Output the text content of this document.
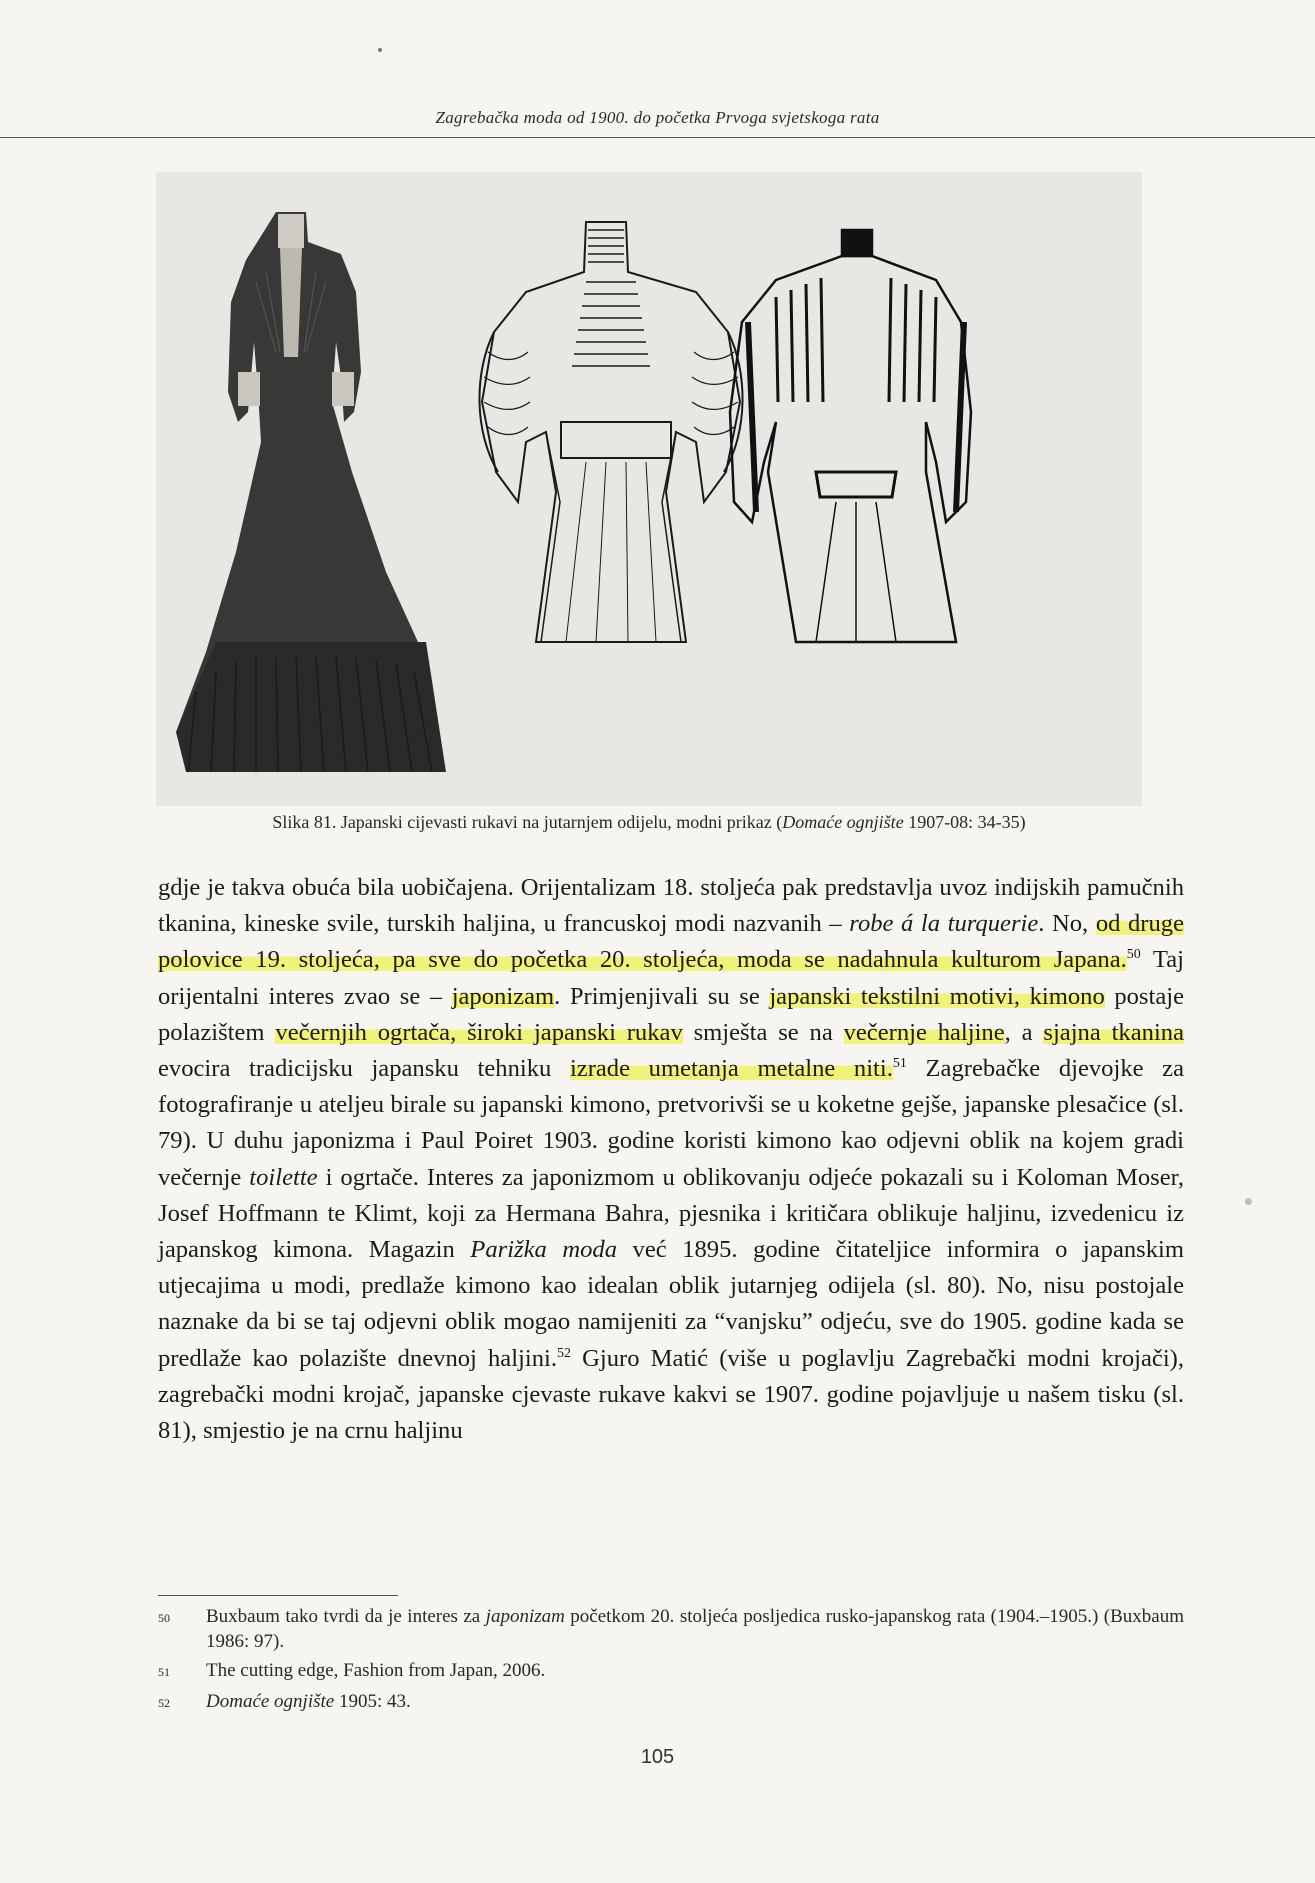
Zagrebačka moda od 1900. do početka Prvoga svjetskoga rata
Slika 81. Japanski cijevasti rukavi na jutarnjem odijelu, modni prikaz (Domaće ognjište 1907-08: 34-35)

gdje je takva obuća bila uobičajena. Orijentalizam 18. stoljeća pak predstavlja uvoz indijskih pamučnih tkanina, kineske svile, turskih haljina, u francuskoj modi nazvanih – robe á la turquerie. No, od druge polovice 19. stoljeća, pa sve do početka 20. stoljeća, moda se nadahnula kulturom Japana.$^{50}$ Taj orijentalni interes zvao se – japonizam. Primjenjivali su se japanski tekstilni motivi, kimono postaje polazištem večernjih ogrtača, široki japanski rukav smješta se na večernje haljine, a sjajna tkanina evocira tradicijsku japansku tehniku izrade umetanja metalne niti.$^{51}$ Zagrebačke djevojke za fotografiranje u ateljeu birale su japanski kimono, pretvorivši se u koketne gejše, japanske plesačice (sl. 79). U duhu japonizma i Paul Poiret 1903. godine koristi kimono kao odjevni oblik na kojem gradi večernje toilette i ogrtače. Interes za japonizmom u oblikovanju odjeće pokazali su i Koloman Moser, Josef Hoffmann te Klimt, koji za Hermana Bahra, pjesnika i kritičara oblikuje haljinu, izvedenicu iz japanskog kimona. Magazin Parižka moda već 1895. godine čitateljice informira o japanskim utjecajima u modi, predlaže kimono kao idealan oblik jutarnjeg odijela (sl. 80). No, nisu postojale naznake da bi se taj odjevni oblik mogao namijeniti za “vanjsku” odjeću, sve do 1905. godine kada se predlaže kao polazište dnevnoj haljini.$^{52}$ Gjuro Matić (više u poglavlju Zagrebački modni krojači), zagrebački modni krojač, japanske cjevaste rukave kakvi se 1907. godine pojavljuje u našem tisku (sl. 81), smjestio je na crnu haljinu

50	Buxbaum tako tvrdi da je interes za japonizam početkom 20. stoljeća posljedica rusko-japanskog rata (1904.–1905.) (Buxbaum 1986: 97).
51	The cutting edge, Fashion from Japan, 2006.
52	Domaće ognjište 1905: 43.
105
